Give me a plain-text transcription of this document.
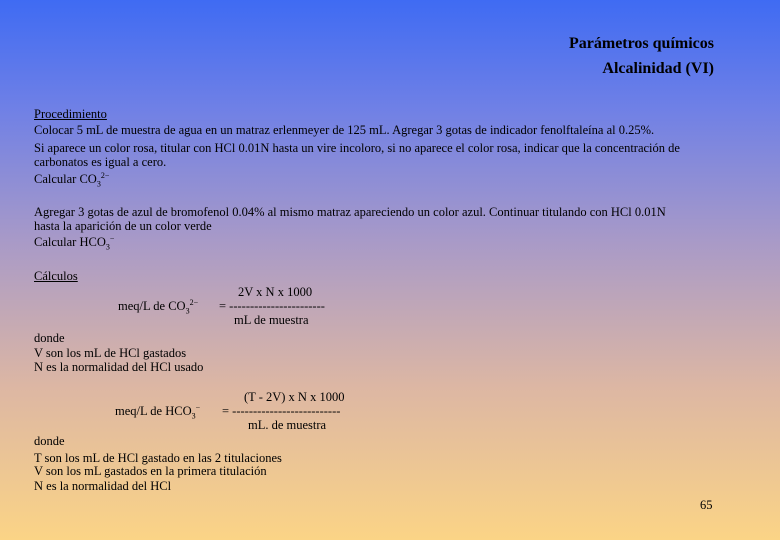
Parámetros químicos
Alcalinidad (VI)
Procedimiento
Colocar 5 mL de muestra de agua en un matraz erlenmeyer de 125 mL. Agregar 3 gotas de indicador fenolftaleína al 0.25%.
Si aparece un color rosa, titular con HCl 0.01N hasta un vire incoloro, si no aparece el color rosa, indicar que la concentración de
carbonatos es igual a cero.
Calcular $CO_3^{2-}$
Agregar 3 gotas de azul de bromofenol 0.04% al mismo matraz apareciendo un color azul. Continuar titulando con HCl 0.01N
hasta la aparición de un color verde
Calcular $HCO_3^-$
Cálculos
2V x N x 1000
meq/L de $CO_3^{2-}$ = -----------------------
mL de muestra
donde
V son los mL de HCl gastados
N es la normalidad del HCl usado
(T - 2V) x N x 1000
meq/L de $HCO_3^-$ = --------------------------
mL. de muestra
donde
T son los mL de HCl gastado en las 2 titulaciones
V son los mL gastados en la primera titulación
N es la normalidad del HCl
65
